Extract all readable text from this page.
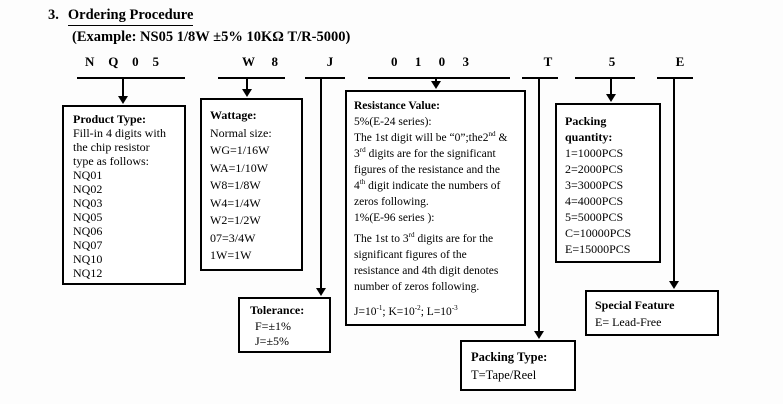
3. Ordering Procedure
(Example: NS05 1/8W ±5% 10KΩ T/R-5000)
N Q 0 5	W 8	J	0 1 0 3	T	5	E
Product Type:
Fill-in 4 digits with
the chip resistor
type as follows:
NQ01
NQ02
NQ03
NQ05
NQ06
NQ07
NQ10
NQ12
Wattage:
Normal size:
WG=1/16W
WA=1/10W
W8=1/8W
W4=1/4W
W2=1/2W
07=3/4W
1W=1W
Tolerance:
F=±1%
J=±5%
Resistance Value:
5%(E-24 series):
The 1st digit will be “0”;the2nd &
3rd digits are for the significant
figures of the resistance and the
4th digit indicate the numbers of
zeros following.
1%(E-96 series ):
The 1st to 3rd digits are for the
significant figures of the
resistance and 4th digit denotes
number of zeros following.
$J=10^{-1}$; $K=10^{-2}$; $L=10^{-3}$
Packing
quantity:
1=1000PCS
2=2000PCS
3=3000PCS
4=4000PCS
5=5000PCS
C=10000PCS
E=15000PCS
Special Feature
E= Lead-Free
Packing Type:
T=Tape/Reel
